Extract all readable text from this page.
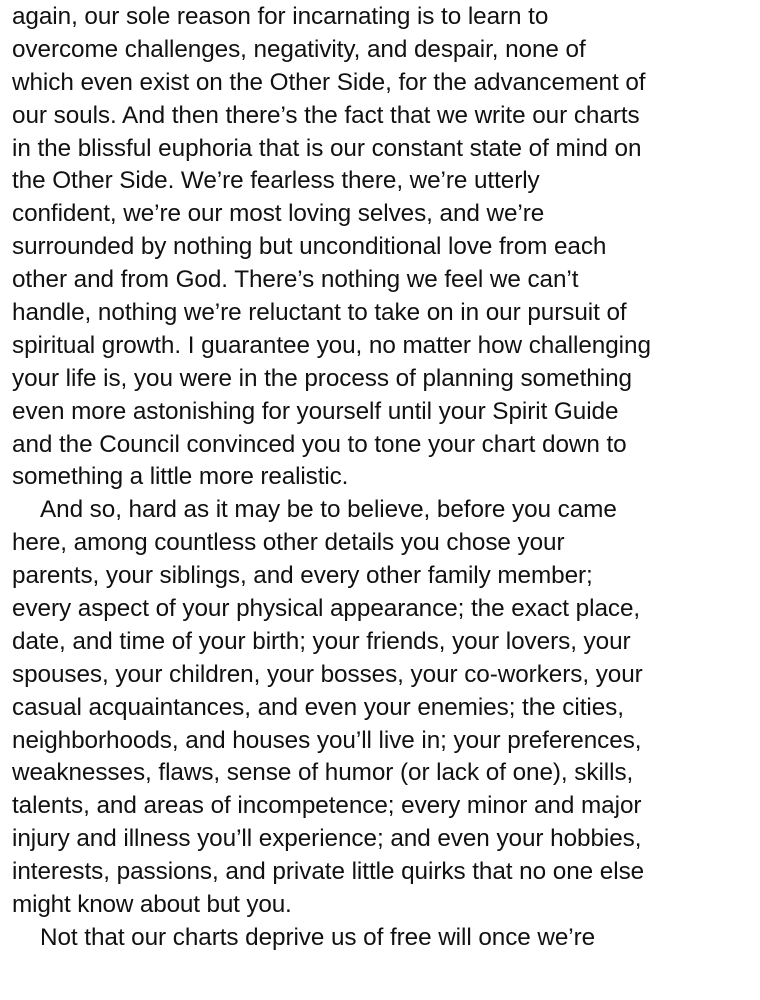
again, our sole reason for incarnating is to learn to
overcome challenges, negativity, and despair, none of
which even exist on the Other Side, for the advancement of
our souls. And then there’s the fact that we write our charts
in the blissful euphoria that is our constant state of mind on
the Other Side. We’re fearless there, we’re utterly
confident, we’re our most loving selves, and we’re
surrounded by nothing but unconditional love from each
other and from God. There’s nothing we feel we can’t
handle, nothing we’re reluctant to take on in our pursuit of
spiritual growth. I guarantee you, no matter how challenging
your life is, you were in the process of planning something
even more astonishing for yourself until your Spirit Guide
and the Council convinced you to tone your chart down to
something a little more realistic.
And so, hard as it may be to believe, before you came
here, among countless other details you chose your
parents, your siblings, and every other family member;
every aspect of your physical appearance; the exact place,
date, and time of your birth; your friends, your lovers, your
spouses, your children, your bosses, your co-workers, your
casual acquaintances, and even your enemies; the cities,
neighborhoods, and houses you’ll live in; your preferences,
weaknesses, flaws, sense of humor (or lack of one), skills,
talents, and areas of incompetence; every minor and major
injury and illness you’ll experience; and even your hobbies,
interests, passions, and private little quirks that no one else
might know about but you.
Not that our charts deprive us of free will once we’re
